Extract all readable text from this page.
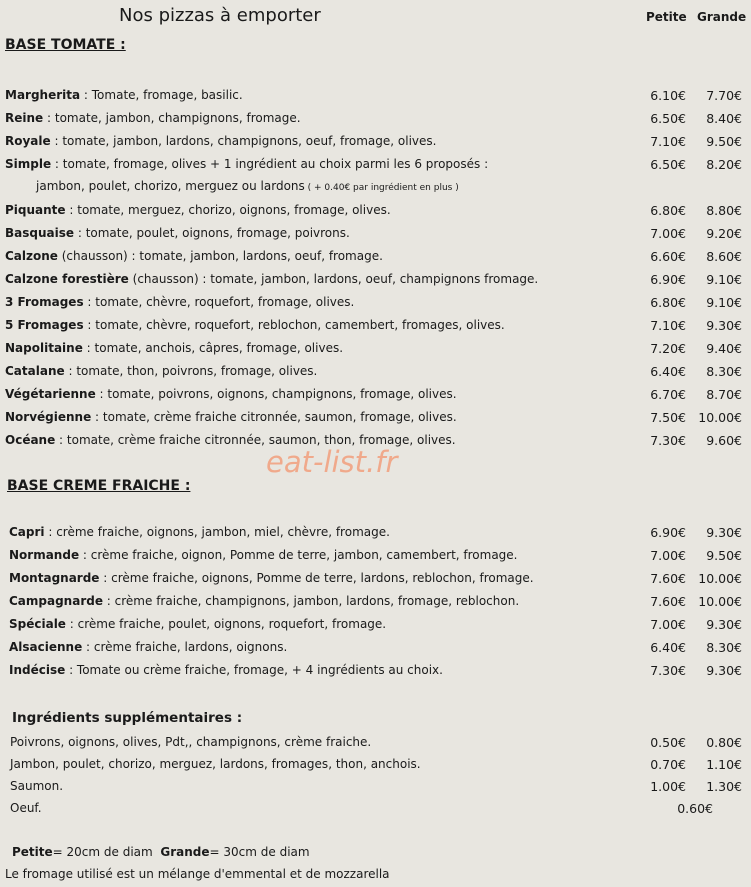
Nos pizzas à emporter	Petite Grande
BASE TOMATE :
Margherita : Tomate, fromage, basilic.	6.10€ 7.70€
Reine : tomate, jambon, champignons, fromage.	6.50€ 8.40€
Royale : tomate, jambon, lardons, champignons, oeuf, fromage, olives.	7.10€ 9.50€
Simple : tomate, fromage, olives + 1 ingrédient au choix parmi les 6 proposés :	6.50€ 8.20€
jambon, poulet, chorizo, merguez ou lardons ( + 0.40€ par ingrédient en plus )
Piquante : tomate, merguez, chorizo, oignons, fromage, olives.	6.80€ 8.80€
Basquaise : tomate, poulet, oignons, fromage, poivrons.	7.00€ 9.20€
Calzone (chausson) : tomate, jambon, lardons, oeuf, fromage.	6.60€ 8.60€
Calzone forestière (chausson) : tomate, jambon, lardons, oeuf, champignons fromage.	6.90€ 9.10€
3 Fromages : tomate, chèvre, roquefort, fromage, olives.	6.80€ 9.10€
5 Fromages : tomate, chèvre, roquefort, reblochon, camembert, fromages, olives.	7.10€ 9.30€
Napolitaine : tomate, anchois, câpres, fromage, olives.	7.20€ 9.40€
Catalane : tomate, thon, poivrons, fromage, olives.	6.40€ 8.30€
Végétarienne : tomate, poivrons, oignons, champignons, fromage, olives.	6.70€ 8.70€
Norvégienne : tomate, crème fraiche citronnée, saumon, fromage, olives.	7.50€ 10.00€
Océane : tomate, crème fraiche citronnée, saumon, thon, fromage, olives.	7.30€ 9.60€
eat-list.fr
BASE CREME FRAICHE :
Capri : crème fraiche, oignons, jambon, miel, chèvre, fromage.	6.90€ 9.30€
Normande : crème fraiche, oignon, Pomme de terre, jambon, camembert, fromage.	7.00€ 9.50€
Montagnarde : crème fraiche, oignons, Pomme de terre, lardons, reblochon, fromage.	7.60€ 10.00€
Campagnarde : crème fraiche, champignons, jambon, lardons, fromage, reblochon.	7.60€ 10.00€
Spéciale : crème fraiche, poulet, oignons, roquefort, fromage.	7.00€ 9.30€
Alsacienne : crème fraiche, lardons, oignons.	6.40€ 8.30€
Indécise : Tomate ou crème fraiche, fromage, + 4 ingrédients au choix.	7.30€ 9.30€
Ingrédients supplémentaires :
Poivrons, oignons, olives, Pdt,, champignons, crème fraiche.	0.50€ 0.80€
Jambon, poulet, chorizo, merguez, lardons, fromages, thon, anchois.	0.70€ 1.10€
Saumon.	1.00€ 1.30€
Oeuf.	0.60€
Petite= 20cm de diam Grande= 30cm de diam
Le fromage utilisé est un mélange d'emmental et de mozzarella
